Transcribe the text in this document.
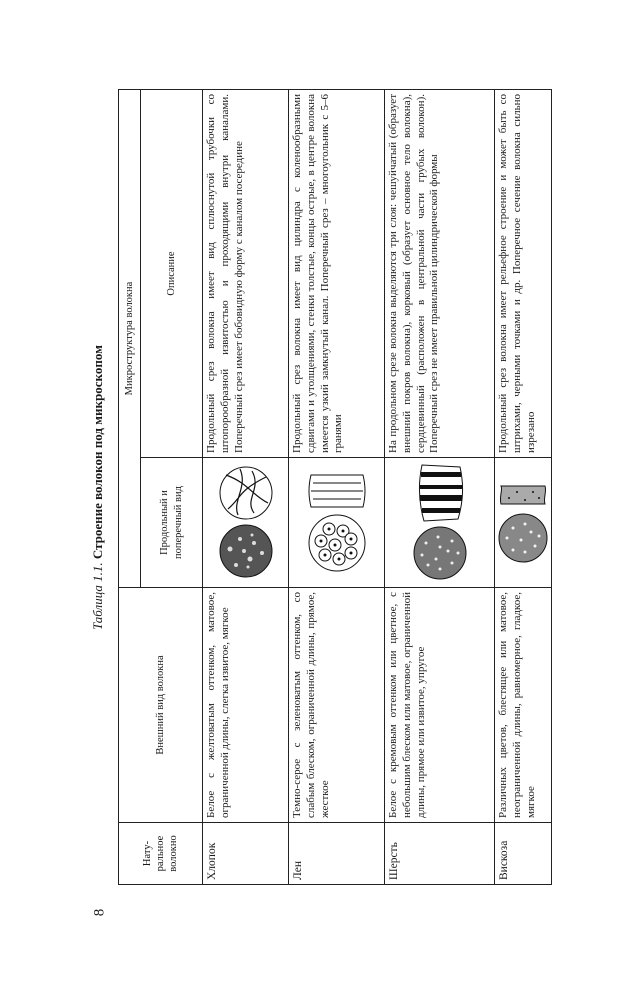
8
Таблица 1.1. Строение волокон под микроскопом
Нату-ральное волокно	Внешний вид волокна	Микроструктура волокна	
		Продольный и поперечный вид	Описание
Хлопок	Белое с желтоватым оттенком, матовое, ограниченной длины, слегка извитое, мягкое		Продольный срез волокна имеет вид сплюснутой трубочки со штопорообразной извитостью и проходящими внутри каналами. Поперечный срез имеет бобовидную форму с каналом посередине
Лен	Темно-серое с зеленоватым оттенком, со слабым блеском, ограниченной длины, прямое, жесткое		Продольный срез волокна имеет вид цилиндра с коленообразными сдвигами и утолщениями, стенки толстые, концы острые, в центре волокна имеется узкий замкнутый канал. Поперечный срез – многоугольник с 5–6 гранями
Шерсть	Белое с кремовым оттенком или цветное, с небольшим блеском или матовое, ограниченной длины, прямое или извитое, упругое		На продольном срезе волокна выделяются три слоя: чешуйчатый (образует внешний покров волокна), корковый (образует основное тело волокна), сердцевинный (расположен в центральной части грубых волокон). Поперечный срез не имеет правильной цилиндрической формы
Вискоза	Различных цветов, блестящее или матовое, неограниченной длины, равномерное, гладкое, мягкое		Продольный срез волокна имеет рельефное строение и может быть со штрихами, черными точками и др. Поперечное сечение волокна сильно изрезано
